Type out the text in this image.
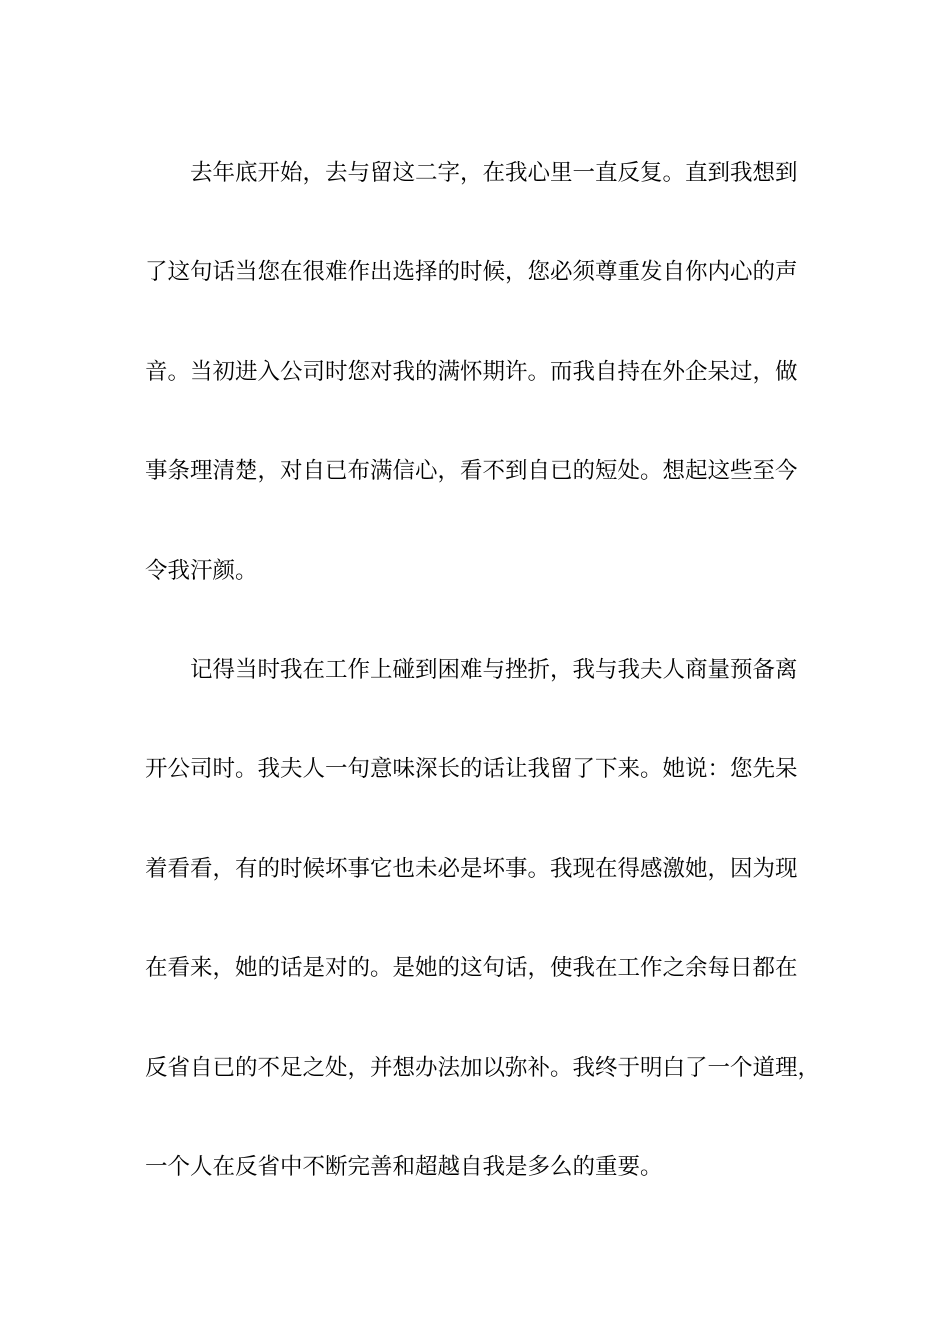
去年底开始，去与留这二字，在我心里一直反复。直到我想到
了这句话当您在很难作出选择的时候，您必须尊重发自你内心的声
音。当初进入公司时您对我的满怀期许。而我自持在外企呆过，做
事条理清楚，对自已布满信心，看不到自已的短处。想起这些至今
令我汗颜。
记得当时我在工作上碰到困难与挫折，我与我夫人商量预备离
开公司时。我夫人一句意味深长的话让我留了下来。她说：您先呆
着看看，有的时候坏事它也未必是坏事。我现在得感激她，因为现
在看来，她的话是对的。是她的这句话，使我在工作之余每日都在
反省自已的不足之处，并想办法加以弥补。我终于明白了一个道理，
一个人在反省中不断完善和超越自我是多么的重要。
